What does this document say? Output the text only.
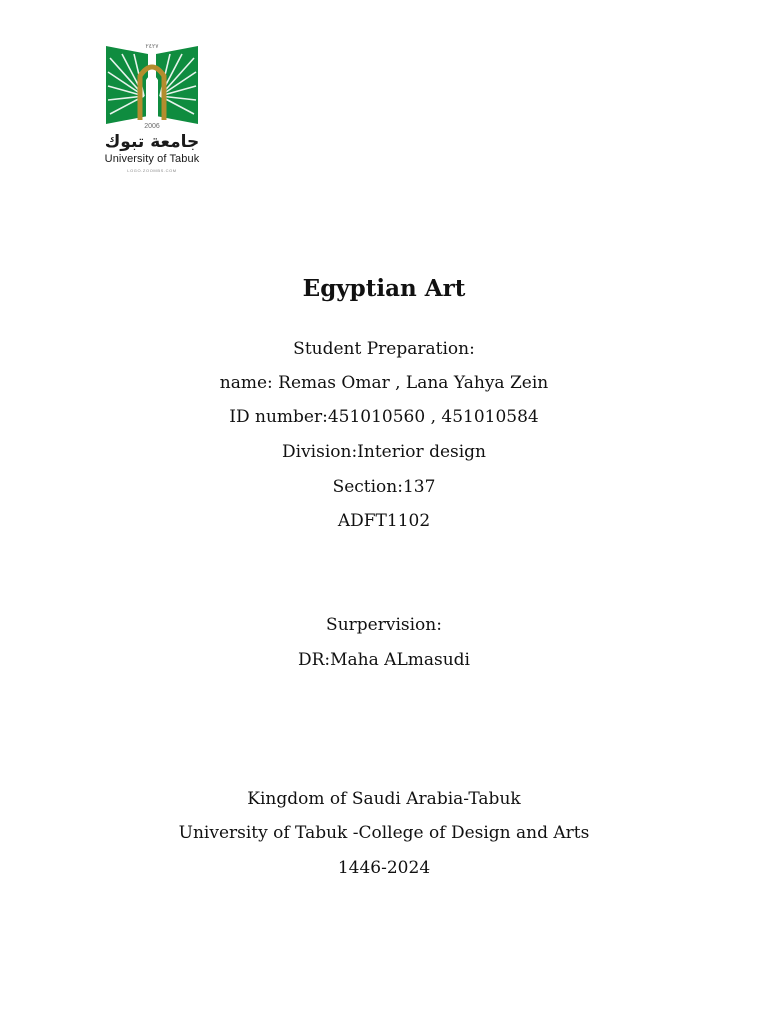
٢٤٢٧
2006
جامعة تبوك
University of Tabuk
LOGO.ZOOMBS.COM
Egyptian Art
Student Preparation:
name: Remas Omar , Lana Yahya Zein
ID number:451010560 , 451010584
Division:Interior design
Section:137
ADFT1102
Surpervision:
DR:Maha ALmasudi
Kingdom of Saudi Arabia-Tabuk
University of Tabuk -College of Design and Arts
1446-2024
